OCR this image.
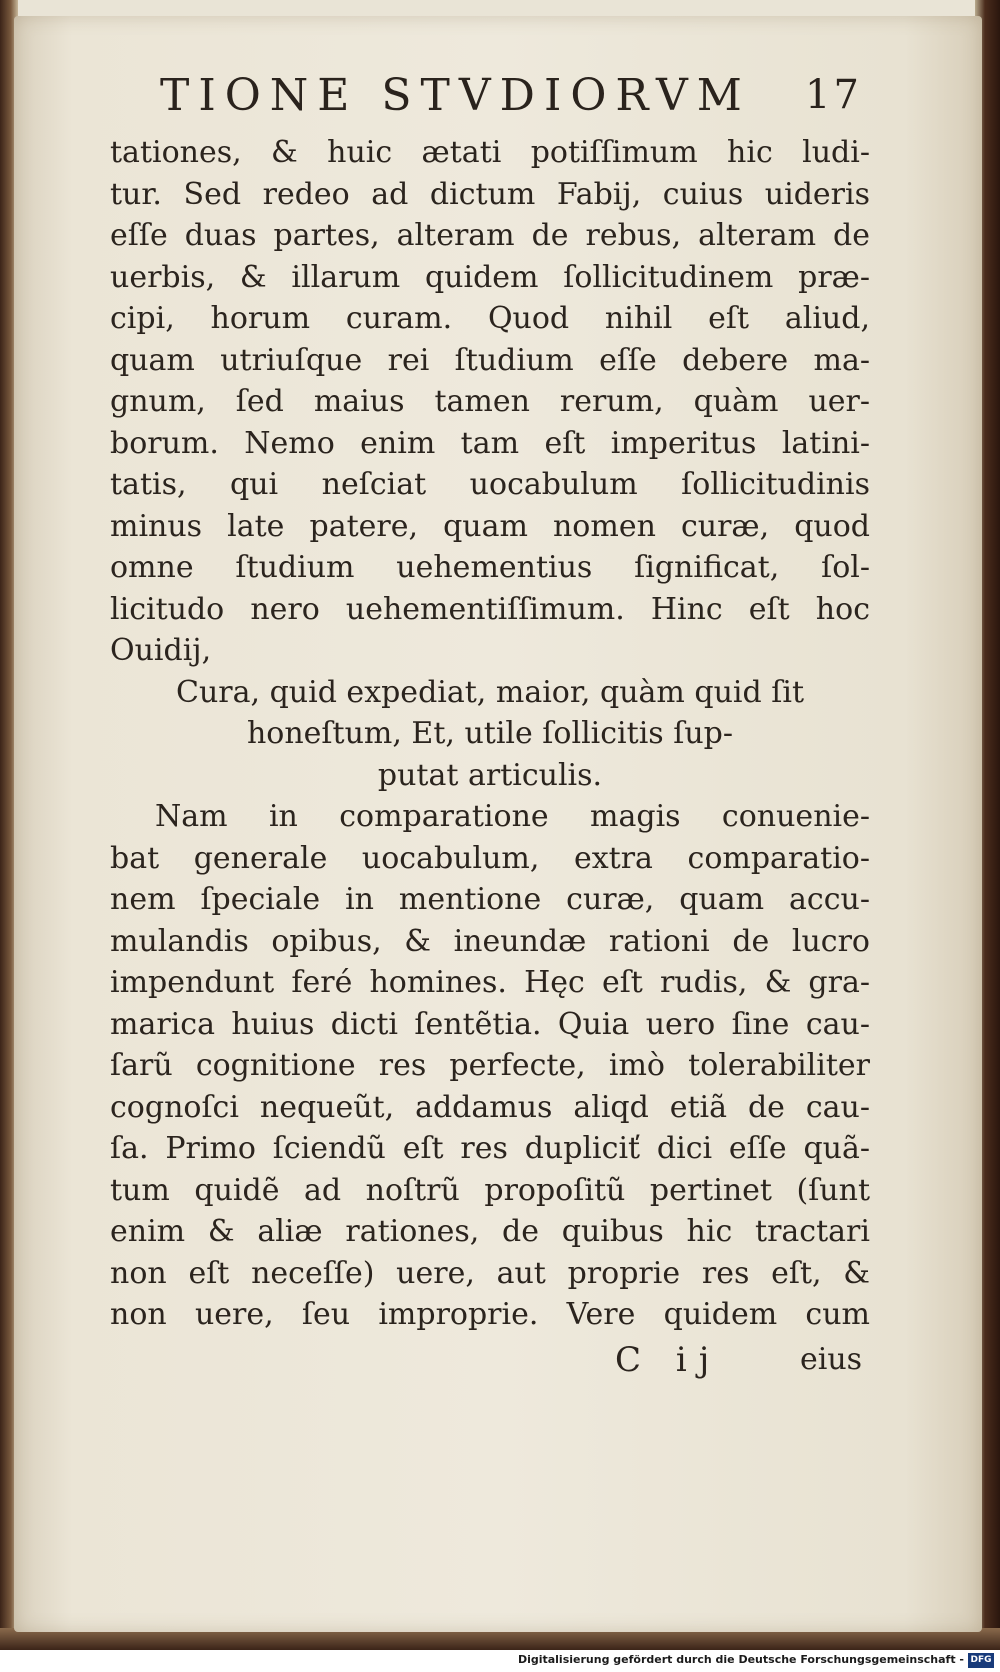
TIONE STVDIORVM 17
tationes, & huic ætati potiſſimum hic ludi-
tur. Sed redeo ad dictum Fabij, cuius uideris
eſſe duas partes, alteram de rebus, alteram de
uerbis, & illarum quidem ſollicitudinem præ-
cipi, horum curam. Quod nihil eſt aliud,
quam utriuſque rei ſtudium eſſe debere ma-
gnum, ſed maius tamen rerum, quàm uer-
borum. Nemo enim tam eſt imperitus latini-
tatis, qui neſciat uocabulum ſollicitudinis
minus late patere, quam nomen curæ, quod
omne ſtudium uehementius ſignificat, ſol-
licitudo nero uehementiſſimum. Hinc eſt hoc
Ouidij,
Cura, quid expediat, maior, quàm quid ſit
honeſtum, Et, utile ſollicitis ſup-
putat articulis.
Nam in comparatione magis conuenie-
bat generale uocabulum, extra comparatio-
nem ſpeciale in mentione curæ, quam accu-
mulandis opibus, & ineundæ rationi de lucro
impendunt feré homines. Hęc eſt rudis, & gra-
marica huius dicti ſentẽtia. Quia uero ſine cau-
ſarũ cognitione res perfecte, imò tolerabiliter
cognoſci nequeũt, addamus aliqd etiã de cau-
ſa. Primo ſciendũ eſt res dupliciť dici eſſe quã-
tum quidẽ ad noſtrũ propoſitũ pertinet (ſunt
enim & aliæ rationes, de quibus hic tractari
non eſt neceſſe) uere, aut proprie res eſt, &
non uere, ſeu improprie. Vere quidem cum
C ij	eius
Digitalisierung gefördert durch die Deutsche Forschungsgemeinschaft - DFG
